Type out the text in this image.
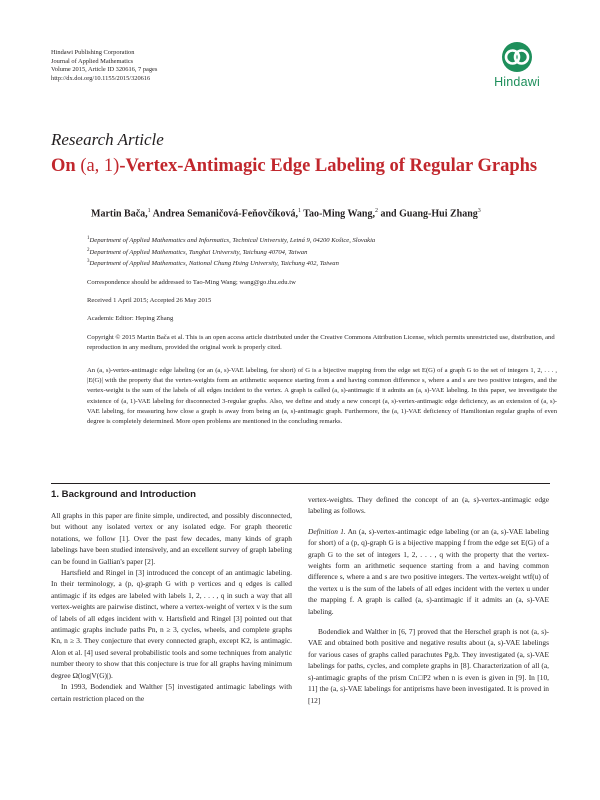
Hindawi Publishing Corporation
Journal of Applied Mathematics
Volume 2015, Article ID 320616, 7 pages
http://dx.doi.org/10.1155/2015/320616	Hindawi
Research Article
On (a, 1)-Vertex-Antimagic Edge Labeling of Regular Graphs
Martin Bača,$^1$ Andrea Semaničová-Feňovčíková,$^1$ Tao-Ming Wang,$^2$ and Guang-Hui Zhang$^3$
$^1$Department of Applied Mathematics and Informatics, Technical University, Letná 9, 04200 Košice, Slovakia
$^2$Department of Applied Mathematics, Tunghai University, Taichung 40704, Taiwan
$^3$Department of Applied Mathematics, National Chung Hsing University, Taichung 402, Taiwan
Correspondence should be addressed to Tao-Ming Wang; wang@go.thu.edu.tw
Received 1 April 2015; Accepted 26 May 2015
Academic Editor: Heping Zhang
Copyright © 2015 Martin Bača et al. This is an open access article distributed under the Creative Commons Attribution License, which permits unrestricted use, distribution, and reproduction in any medium, provided the original work is properly cited.
An (a, s)-vertex-antimagic edge labeling (or an (a, s)-VAE labeling, for short) of G is a bijective mapping from the edge set E(G) of a graph G to the set of integers 1, 2, . . . , |E(G)| with the property that the vertex-weights form an arithmetic sequence starting from a and having common difference s, where a and s are two positive integers, and the vertex-weight is the sum of the labels of all edges incident to the vertex. A graph is called (a, s)-antimagic if it admits an (a, s)-VAE labeling. In this paper, we investigate the existence of (a, 1)-VAE labeling for disconnected 3-regular graphs. Also, we define and study a new concept (a, s)-vertex-antimagic edge deficiency, as an extension of (a, s)-VAE labeling, for measuring how close a graph is away from being an (a, s)-antimagic graph. Furthermore, the (a, 1)-VAE deficiency of Hamiltonian regular graphs of even degree is completely determined. More open problems are mentioned in the concluding remarks.
1. Background and Introduction

All graphs in this paper are finite simple, undirected, and possibly disconnected, but without any isolated vertex or any isolated edge. For graph theoretic notations, we follow [1]. Over the past few decades, many kinds of graph labelings have been studied intensively, and an excellent survey of graph labeling can be found in Gallian's paper [2].

Hartsfield and Ringel in [3] introduced the concept of an antimagic labeling. In their terminology, a (p, q)-graph G with p vertices and q edges is called antimagic if its edges are labeled with labels 1, 2, . . . , q in such a way that all vertex-weights are pairwise distinct, where a vertex-weight of vertex v is the sum of labels of all edges incident with v. Hartsfield and Ringel [3] pointed out that antimagic graphs include paths Pn, n ≥ 3, cycles, wheels, and complete graphs Kn, n ≥ 3. They conjecture that every connected graph, except K2, is antimagic. Alon et al. [4] used several probabilistic tools and some techniques from analytic number theory to show that this conjecture is true for all graphs having minimum degree Ω(log|V(G)|).

In 1993, Bodendiek and Walther [5] investigated antimagic labelings with certain restriction placed on the

vertex-weights. They defined the concept of an (a, s)-vertex-antimagic edge labeling as follows.

Definition 1. An (a, s)-vertex-antimagic edge labeling (or an (a, s)-VAE labeling for short) of a (p, q)-graph G is a bijective mapping f from the edge set E(G) of a graph G to the set of integers 1, 2, . . . , q with the property that the vertex-weights form an arithmetic sequence starting from a and having common difference s, where a and s are two positive integers. The vertex-weight wtf(u) of the vertex u is the sum of the labels of all edges incident with the vertex u under the mapping f. A graph is called (a, s)-antimagic if it admits an (a, s)-VAE labeling.

Bodendiek and Walther in [6, 7] proved that the Herschel graph is not (a, s)-VAE and obtained both positive and negative results about (a, s)-VAE labelings for various cases of graphs called parachutes Pg,b. They investigated (a, s)-VAE labelings for paths, cycles, and complete graphs in [8]. Characterization of all (a, s)-antimagic graphs of the prism Cn□P2 when n is even is given in [9]. In [10, 11] the (a, s)-VAE labelings for antiprisms have been investigated. It is proved in [12]
